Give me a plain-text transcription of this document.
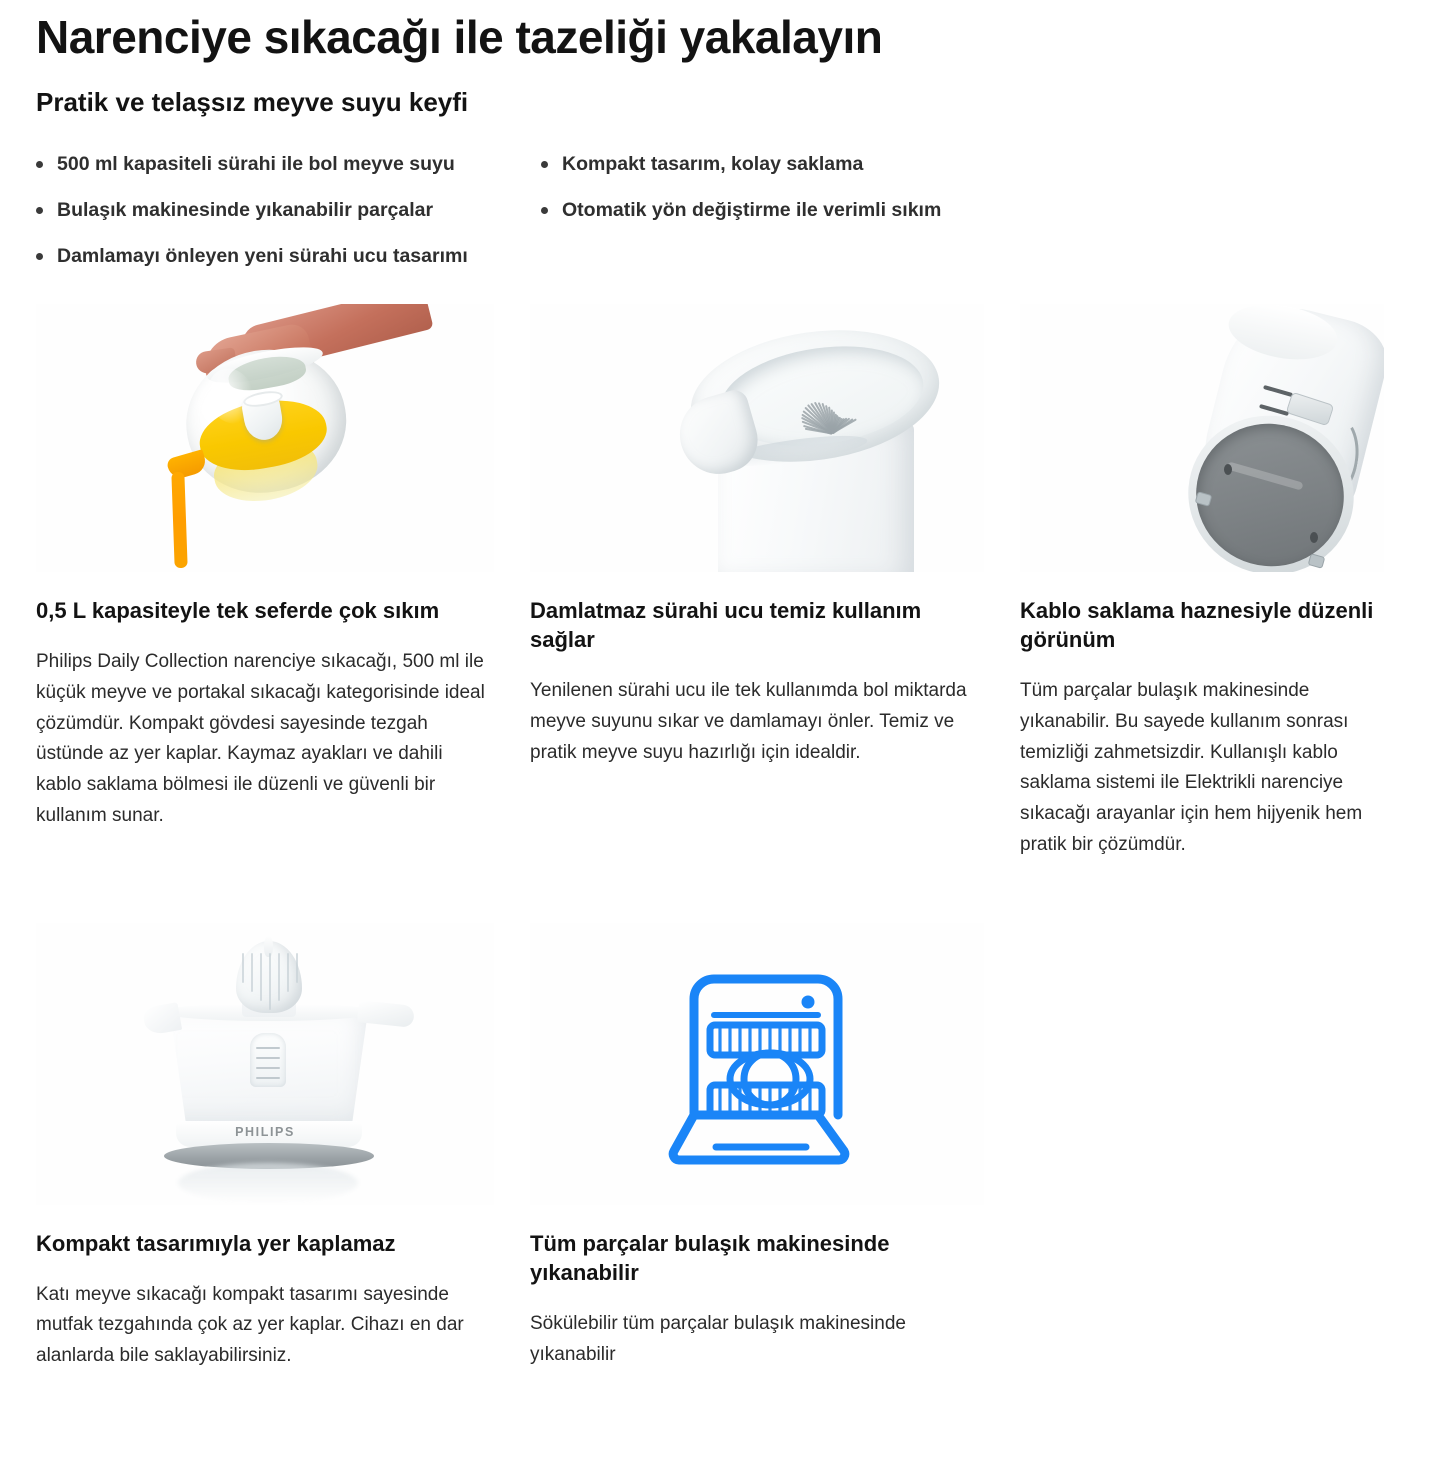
Narenciye sıkacağı ile tazeliği yakalayın
Pratik ve telaşsız meyve suyu keyfi
500 ml kapasiteli sürahi ile bol meyve suyu	Kompakt tasarım, kolay saklama
Bulaşık makinesinde yıkanabilir parçalar	Otomatik yön değiştirme ile verimli sıkım
Damlamayı önleyen yeni sürahi ucu tasarımı
0,5 L kapasiteyle tek seferde çok sıkım

Philips Daily Collection narenciye sıkacağı, 500 ml ile küçük meyve ve portakal sıkacağı kategorisinde ideal çözümdür. Kompakt gövdesi sayesinde tezgah üstünde az yer kaplar. Kaymaz ayakları ve dahili kablo saklama bölmesi ile düzenli ve güvenli bir kullanım sunar.

Damlatmaz sürahi ucu temiz kullanım sağlar

Yenilenen sürahi ucu ile tek kullanımda bol miktarda meyve suyunu sıkar ve damlamayı önler. Temiz ve pratik meyve suyu hazırlığı için idealdir.

Kablo saklama haznesiyle düzenli görünüm

Tüm parçalar bulaşık makinesinde yıkanabilir. Bu sayede kullanım sonrası temizliği zahmetsizdir. Kullanışlı kablo saklama sistemi ile Elektrikli narenciye sıkacağı arayanlar için hem hijyenik hem pratik bir çözümdür.

PHILIPS
Kompakt tasarımıyla yer kaplamaz

Katı meyve sıkacağı kompakt tasarımı sayesinde mutfak tezgahında çok az yer kaplar. Cihazı en dar alanlarda bile saklayabilirsiniz.

Tüm parçalar bulaşık makinesinde yıkanabilir

Sökülebilir tüm parçalar bulaşık makinesinde yıkanabilir
